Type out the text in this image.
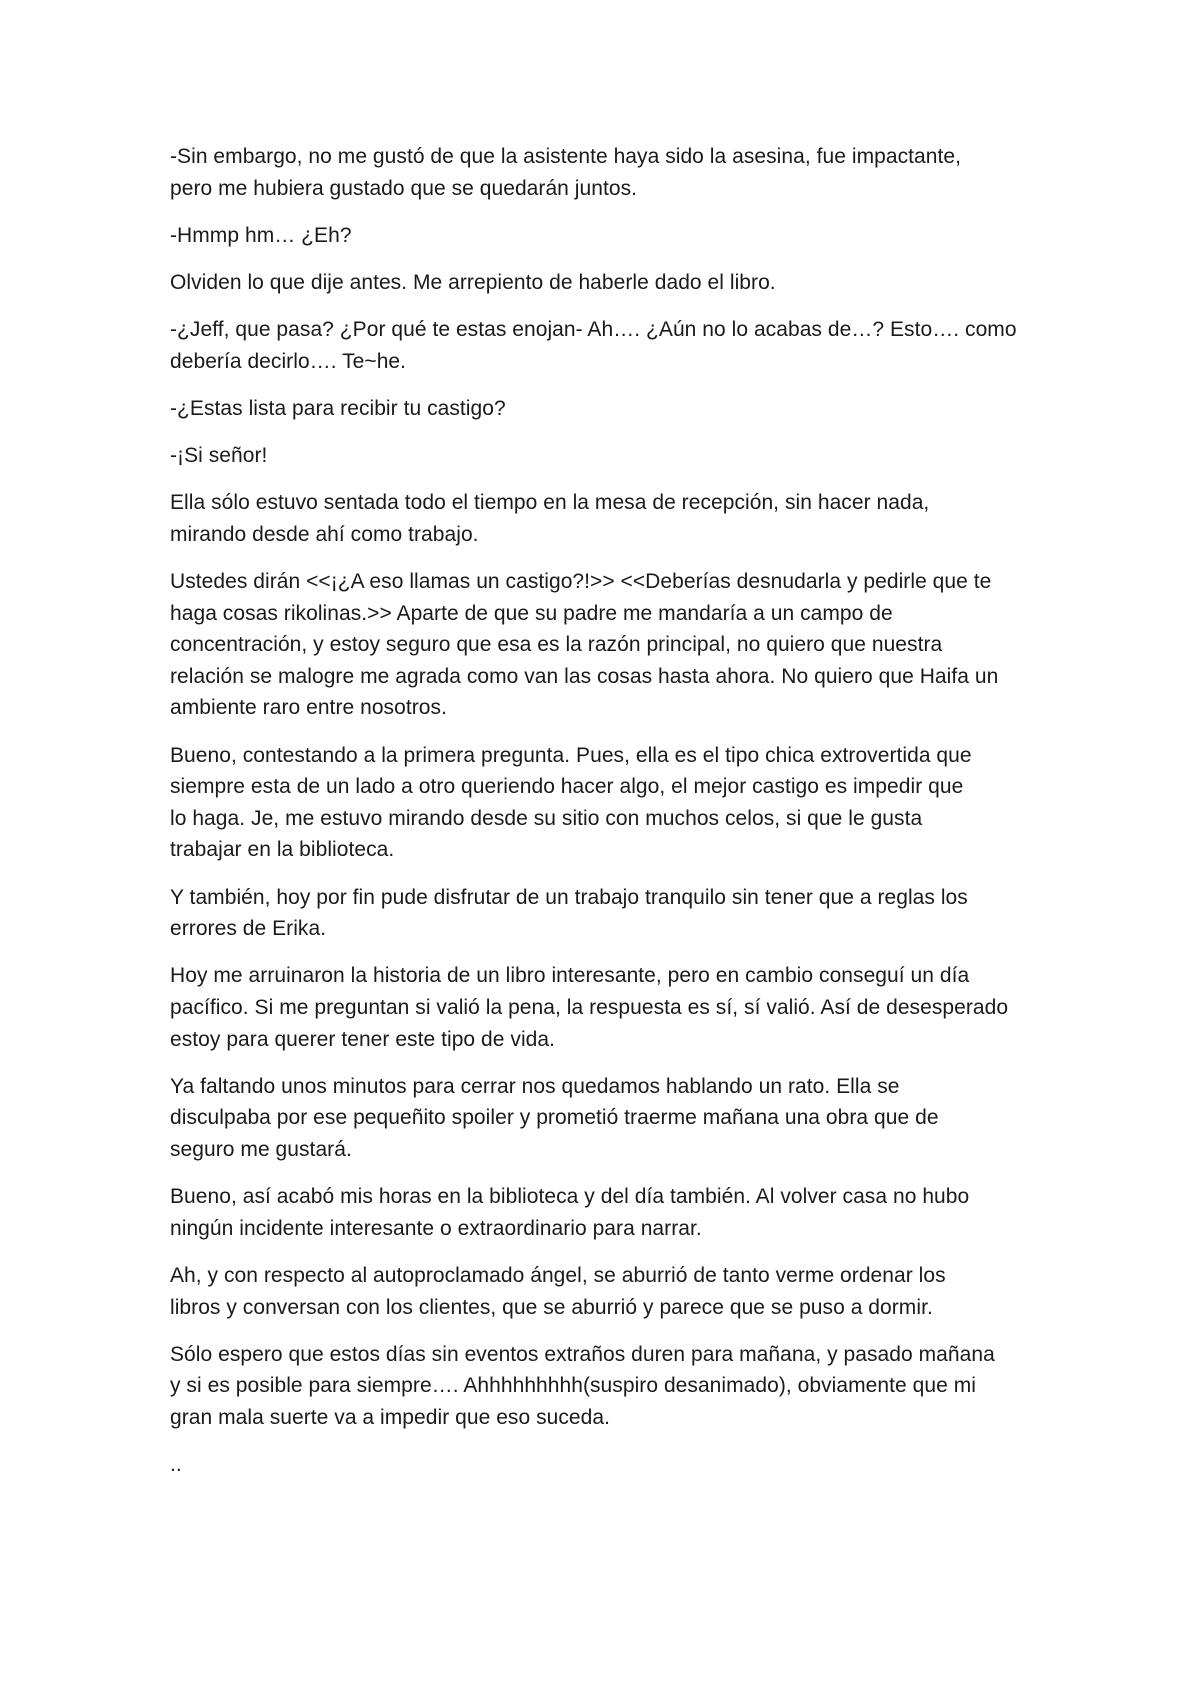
-Sin embargo, no me gustó de que la asistente haya sido la asesina, fue impactante,
pero me hubiera gustado que se quedarán juntos.

-Hmmp hm… ¿Eh?

Olviden lo que dije antes. Me arrepiento de haberle dado el libro.

-¿Jeff, que pasa? ¿Por qué te estas enojan- Ah…. ¿Aún no lo acabas de…? Esto…. como
debería decirlo…. Te~he.

-¿Estas lista para recibir tu castigo?

-¡Si señor!

Ella sólo estuvo sentada todo el tiempo en la mesa de recepción, sin hacer nada,
mirando desde ahí como trabajo.

Ustedes dirán <<¡¿A eso llamas un castigo?!>> <<Deberías desnudarla y pedirle que te
haga cosas rikolinas.>> Aparte de que su padre me mandaría a un campo de
concentración, y estoy seguro que esa es la razón principal, no quiero que nuestra
relación se malogre me agrada como van las cosas hasta ahora. No quiero que Haifa un
ambiente raro entre nosotros.

Bueno, contestando a la primera pregunta. Pues, ella es el tipo chica extrovertida que
siempre esta de un lado a otro queriendo hacer algo, el mejor castigo es impedir que
lo haga. Je, me estuvo mirando desde su sitio con muchos celos, si que le gusta
trabajar en la biblioteca.

Y también, hoy por fin pude disfrutar de un trabajo tranquilo sin tener que a reglas los
errores de Erika.

Hoy me arruinaron la historia de un libro interesante, pero en cambio conseguí un día
pacífico. Si me preguntan si valió la pena, la respuesta es sí, sí valió. Así de desesperado
estoy para querer tener este tipo de vida.

Ya faltando unos minutos para cerrar nos quedamos hablando un rato. Ella se
disculpaba por ese pequeñito spoiler y prometió traerme mañana una obra que de
seguro me gustará.

Bueno, así acabó mis horas en la biblioteca y del día también. Al volver casa no hubo
ningún incidente interesante o extraordinario para narrar.

Ah, y con respecto al autoproclamado ángel, se aburrió de tanto verme ordenar los
libros y conversan con los clientes, que se aburrió y parece que se puso a dormir.

Sólo espero que estos días sin eventos extraños duren para mañana, y pasado mañana
y si es posible para siempre…. Ahhhhhhhhh(suspiro desanimado), obviamente que mi
gran mala suerte va a impedir que eso suceda.

..
